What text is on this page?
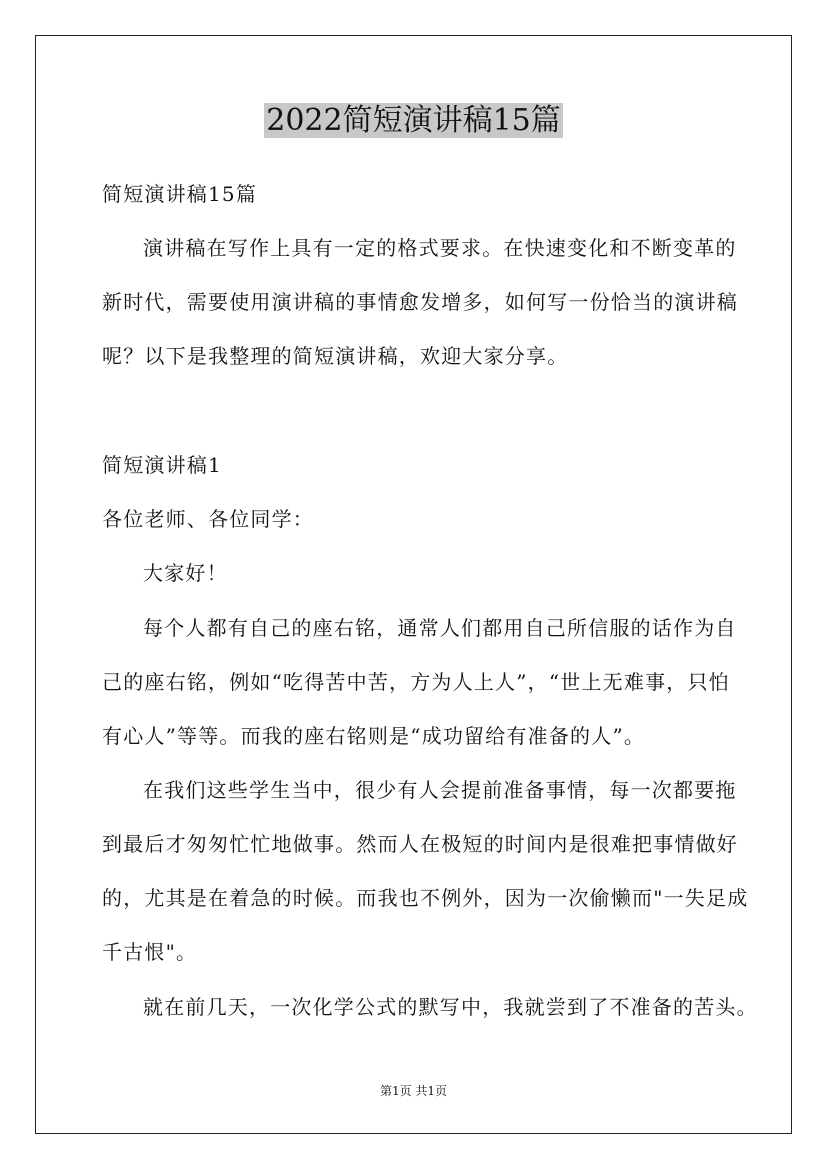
2022简短演讲稿15篇
简短演讲稿15篇
演讲稿在写作上具有一定的格式要求。在快速变化和不断变革的
新时代，需要使用演讲稿的事情愈发增多，如何写一份恰当的演讲稿
呢？以下是我整理的简短演讲稿，欢迎大家分享。
简短演讲稿1
各位老师、各位同学：
大家好！
每个人都有自己的座右铭，通常人们都用自己所信服的话作为自
己的座右铭，例如“吃得苦中苦，方为人上人”，“世上无难事，只怕
有心人”等等。而我的座右铭则是“成功留给有准备的人”。
在我们这些学生当中，很少有人会提前准备事情，每一次都要拖
到最后才匆匆忙忙地做事。然而人在极短的时间内是很难把事情做好
的，尤其是在着急的时候。而我也不例外，因为一次偷懒而"一失足成
千古恨"。
就在前几天，一次化学公式的默写中，我就尝到了不准备的苦头。
第1页 共1页
